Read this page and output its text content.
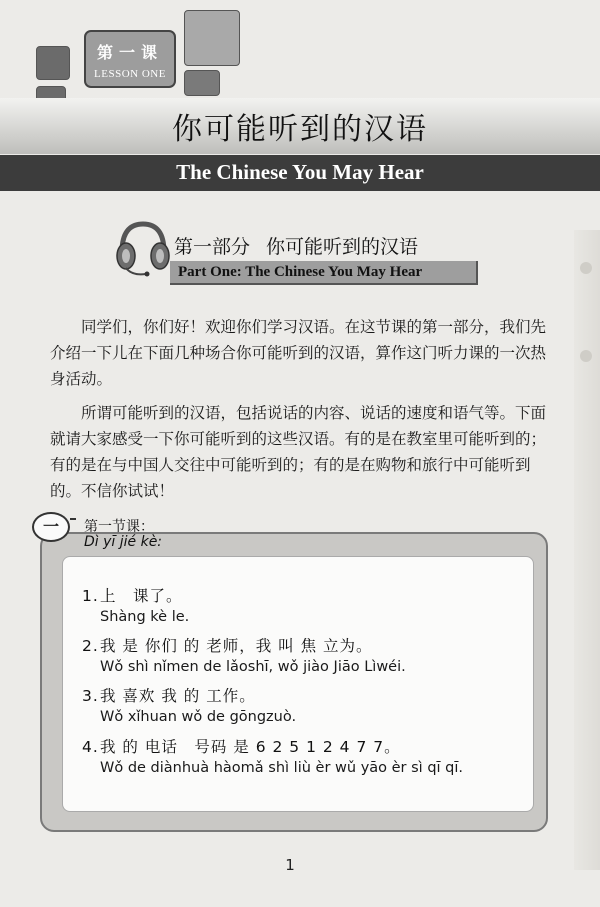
第一课
LESSON ONE
你可能听到的汉语
The Chinese You May Hear
第一部分 你可能听到的汉语
Part One: The Chinese You May Hear

同学们，你们好！欢迎你们学习汉语。在这节课的第一部分，我们先介绍一下儿在下面几种场合你可能听到的汉语，算作这门听力课的一次热身活动。

所谓可能听到的汉语，包括说话的内容、说话的速度和语气等。下面就请大家感受一下你可能听到的这些汉语。有的是在教室里可能听到的；有的是在与中国人交往中可能听到的；有的是在购物和旅行中可能听到的。不信你试试！

一	第一节课：
Dì yī jié kè:
1.上　课了。
Shàng kè le.
2.我 是 你们 的 老师，我 叫 焦 立为。
Wǒ shì nǐmen de lǎoshī, wǒ jiào Jiāo Lìwéi.
3.我 喜欢 我 的 工作。
Wǒ xǐhuan wǒ de gōngzuò.
4.我 的 电话　号码 是 6 2 5 1 2 4 7 7。
Wǒ de diànhuà hàomǎ shì liù èr wǔ yāo èr sì qī qī.
1
